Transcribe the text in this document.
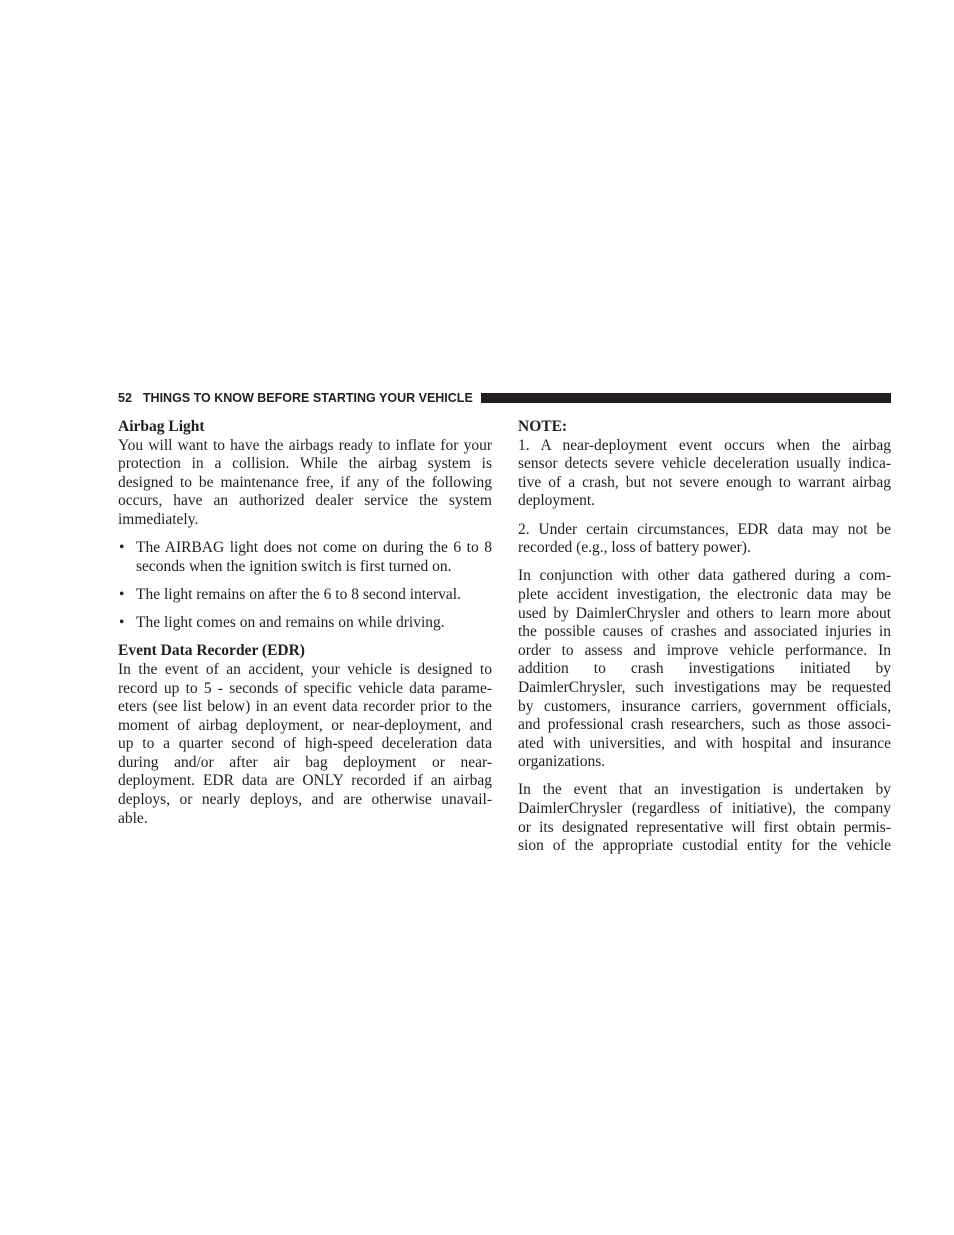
52 THINGS TO KNOW BEFORE STARTING YOUR VEHICLE
Airbag Light
You will want to have the airbags ready to inflate for your
protection in a collision. While the airbag system is
designed to be maintenance free, if any of the following
occurs, have an authorized dealer service the system
immediately.
•
The AIRBAG light does not come on during the 6 to 8
seconds when the ignition switch is first turned on.
•
The light remains on after the 6 to 8 second interval.
•
The light comes on and remains on while driving.
Event Data Recorder (EDR)
In the event of an accident, your vehicle is designed to
record up to 5 - seconds of specific vehicle data parame-
eters (see list below) in an event data recorder prior to the
moment of airbag deployment, or near-deployment, and
up to a quarter second of high-speed deceleration data
during and/or after air bag deployment or near-
deployment. EDR data are ONLY recorded if an airbag
deploys, or nearly deploys, and are otherwise unavail-
able.
NOTE:
1. A near-deployment event occurs when the airbag
sensor detects severe vehicle deceleration usually indica-
tive of a crash, but not severe enough to warrant airbag
deployment.
2. Under certain circumstances, EDR data may not be
recorded (e.g., loss of battery power).
In conjunction with other data gathered during a com-
plete accident investigation, the electronic data may be
used by DaimlerChrysler and others to learn more about
the possible causes of crashes and associated injuries in
order to assess and improve vehicle performance. In
addition to crash investigations initiated by
DaimlerChrysler, such investigations may be requested
by customers, insurance carriers, government officials,
and professional crash researchers, such as those associ-
ated with universities, and with hospital and insurance
organizations.
In the event that an investigation is undertaken by
DaimlerChrysler (regardless of initiative), the company
or its designated representative will first obtain permis-
sion of the appropriate custodial entity for the vehicle
